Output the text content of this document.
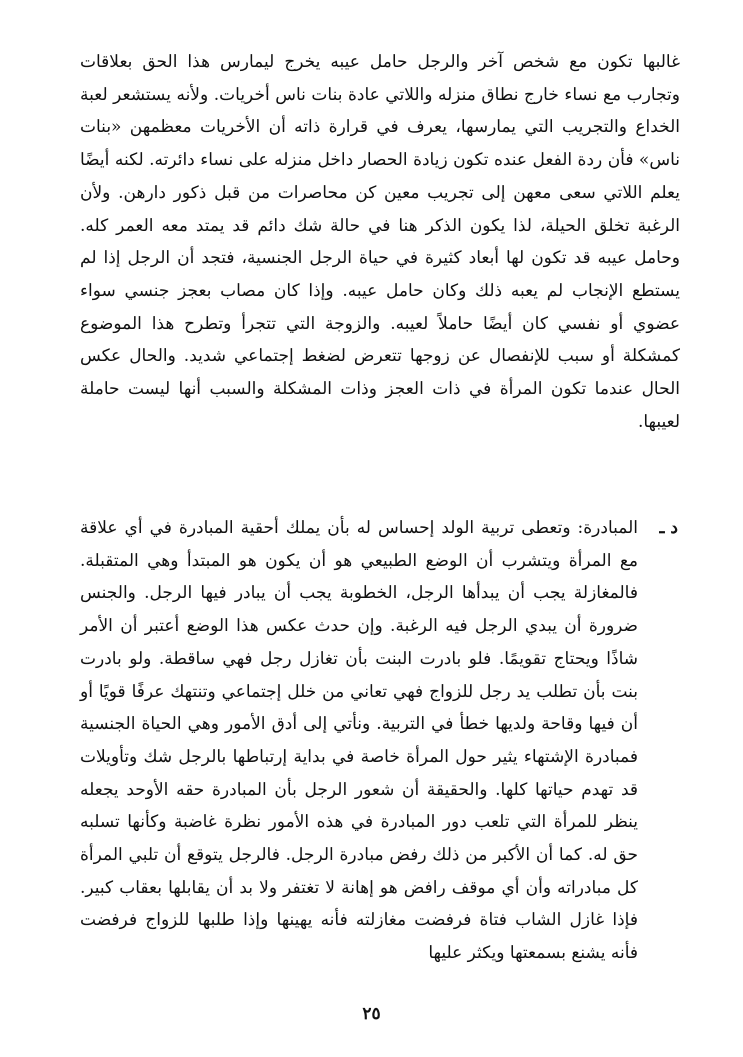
غالبها تكون مع شخص آخر والرجل حامل عيبه يخرج ليمارس هذا الحق بعلاقات وتجارب مع نساء خارج نطاق منزله واللاتي عادة بنات ناس أخريات. ولأنه يستشعر لعبة الخداع والتجريب التي يمارسها، يعرف في قرارة ذاته أن الأخريات معظمهن «بنات ناس» فأن ردة الفعل عنده تكون زيادة الحصار داخل منزله على نساء دائرته. لكنه أيضًا يعلم اللاتي سعى معهن إلى تجريب معين كن محاصرات من قبل ذكور دارهن. ولأن الرغبة تخلق الحيلة، لذا يكون الذكر هنا في حالة شك دائم قد يمتد معه العمر كله. وحامل عيبه قد تكون لها أبعاد كثيرة في حياة الرجل الجنسية، فتجد أن الرجل إذا لم يستطع الإنجاب لم يعبه ذلك وكان حامل عيبه. وإذا كان مصاب بعجز جنسي سواء عضوي أو نفسي كان أيضًا حاملاً لعيبه. والزوجة التي تتجرأ وتطرح هذا الموضوع كمشكلة أو سبب للإنفصال عن زوجها تتعرض لضغط إجتماعي شديد. والحال عكس الحال عندما تكون المرأة في ذات العجز وذات المشكلة والسبب أنها ليست حاملة لعيبها.

د ـ

المبادرة: وتعطى تربية الولد إحساس له بأن يملك أحقية المبادرة في أي علاقة مع المرأة ويتشرب أن الوضع الطبيعي هو أن يكون هو المبتدأ وهي المتقبلة. فالمغازلة يجب أن يبدأها الرجل، الخطوبة يجب أن يبادر فيها الرجل. والجنس ضرورة أن يبدي الرجل فيه الرغبة. وإن حدث عكس هذا الوضع أعتبر أن الأمر شاذًا ويحتاج تقويمًا. فلو بادرت البنت بأن تغازل رجل فهي ساقطة. ولو بادرت بنت بأن تطلب يد رجل للزواج فهي تعاني من خلل إجتماعي وتنتهك عرفًا قويًا أو أن فيها وقاحة ولديها خطأ في التربية. ونأتي إلى أدق الأمور وهي الحياة الجنسية فمبادرة الإشتهاء يثير حول المرأة خاصة في بداية إرتباطها بالرجل شك وتأويلات قد تهدم حياتها كلها. والحقيقة أن شعور الرجل بأن المبادرة حقه الأوحد يجعله ينظر للمرأة التي تلعب دور المبادرة في هذه الأمور نظرة غاضبة وكأنها تسلبه حق له. كما أن الأكبر من ذلك رفض مبادرة الرجل. فالرجل يتوقع أن تلبي المرأة كل مبادراته وأن أي موقف رافض هو إهانة لا تغتفر ولا بد أن يقابلها بعقاب كبير. فإذا غازل الشاب فتاة فرفضت مغازلته فأنه يهينها وإذا طلبها للزواج فرفضت فأنه يشنع بسمعتها ويكثر عليها

٢٥
